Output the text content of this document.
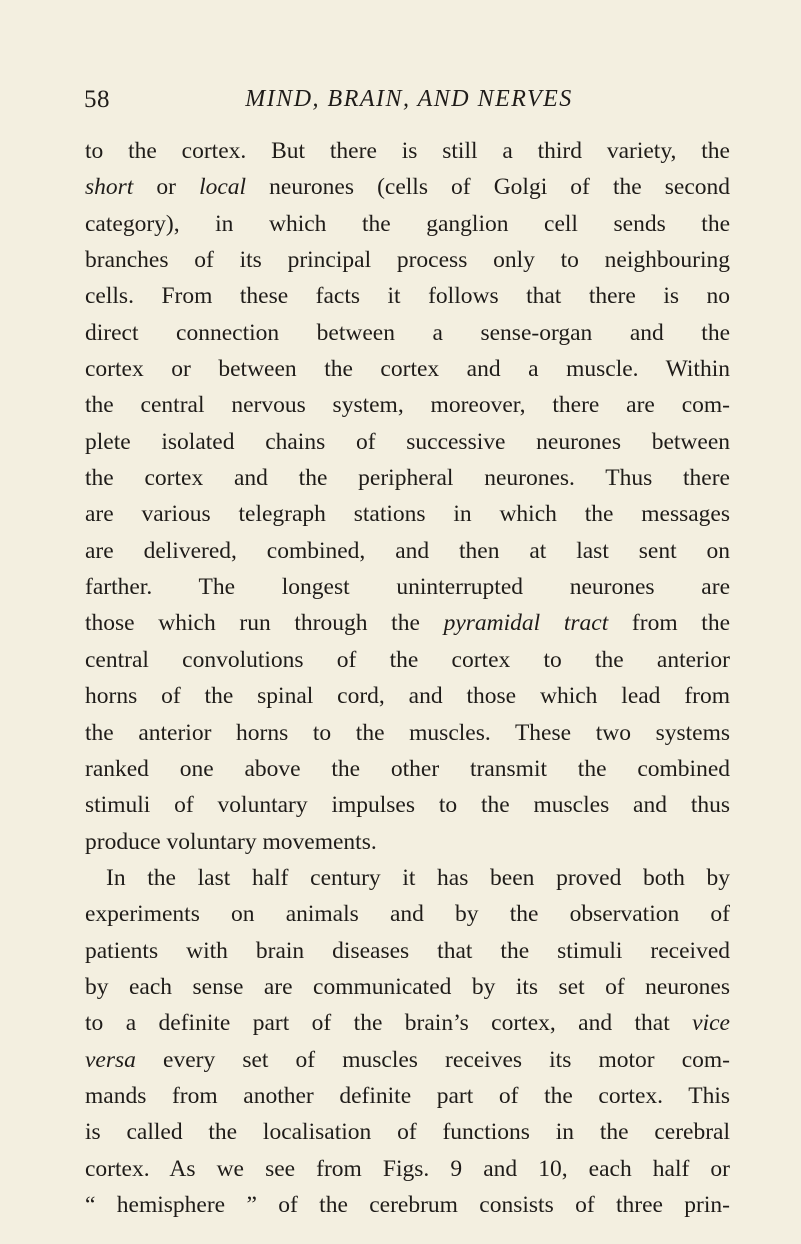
58	MIND, BRAIN, AND NERVES
to the cortex. But there is still a third variety, the
short or local neurones (cells of Golgi of the second
category), in which the ganglion cell sends the
branches of its principal process only to neighbouring
cells. From these facts it follows that there is no
direct connection between a sense-organ and the
cortex or between the cortex and a muscle. Within
the central nervous system, moreover, there are com-
plete isolated chains of successive neurones between
the cortex and the peripheral neurones. Thus there
are various telegraph stations in which the messages
are delivered, combined, and then at last sent on
farther. The longest uninterrupted neurones are
those which run through the pyramidal tract from the
central convolutions of the cortex to the anterior
horns of the spinal cord, and those which lead from
the anterior horns to the muscles. These two systems
ranked one above the other transmit the combined
stimuli of voluntary impulses to the muscles and thus
produce voluntary movements.
In the last half century it has been proved both by
experiments on animals and by the observation of
patients with brain diseases that the stimuli received
by each sense are communicated by its set of neurones
to a definite part of the brain’s cortex, and that vice
versa every set of muscles receives its motor com-
mands from another definite part of the cortex. This
is called the localisation of functions in the cerebral
cortex. As we see from Figs. 9 and 10, each half or
“ hemisphere ” of the cerebrum consists of three prin-
